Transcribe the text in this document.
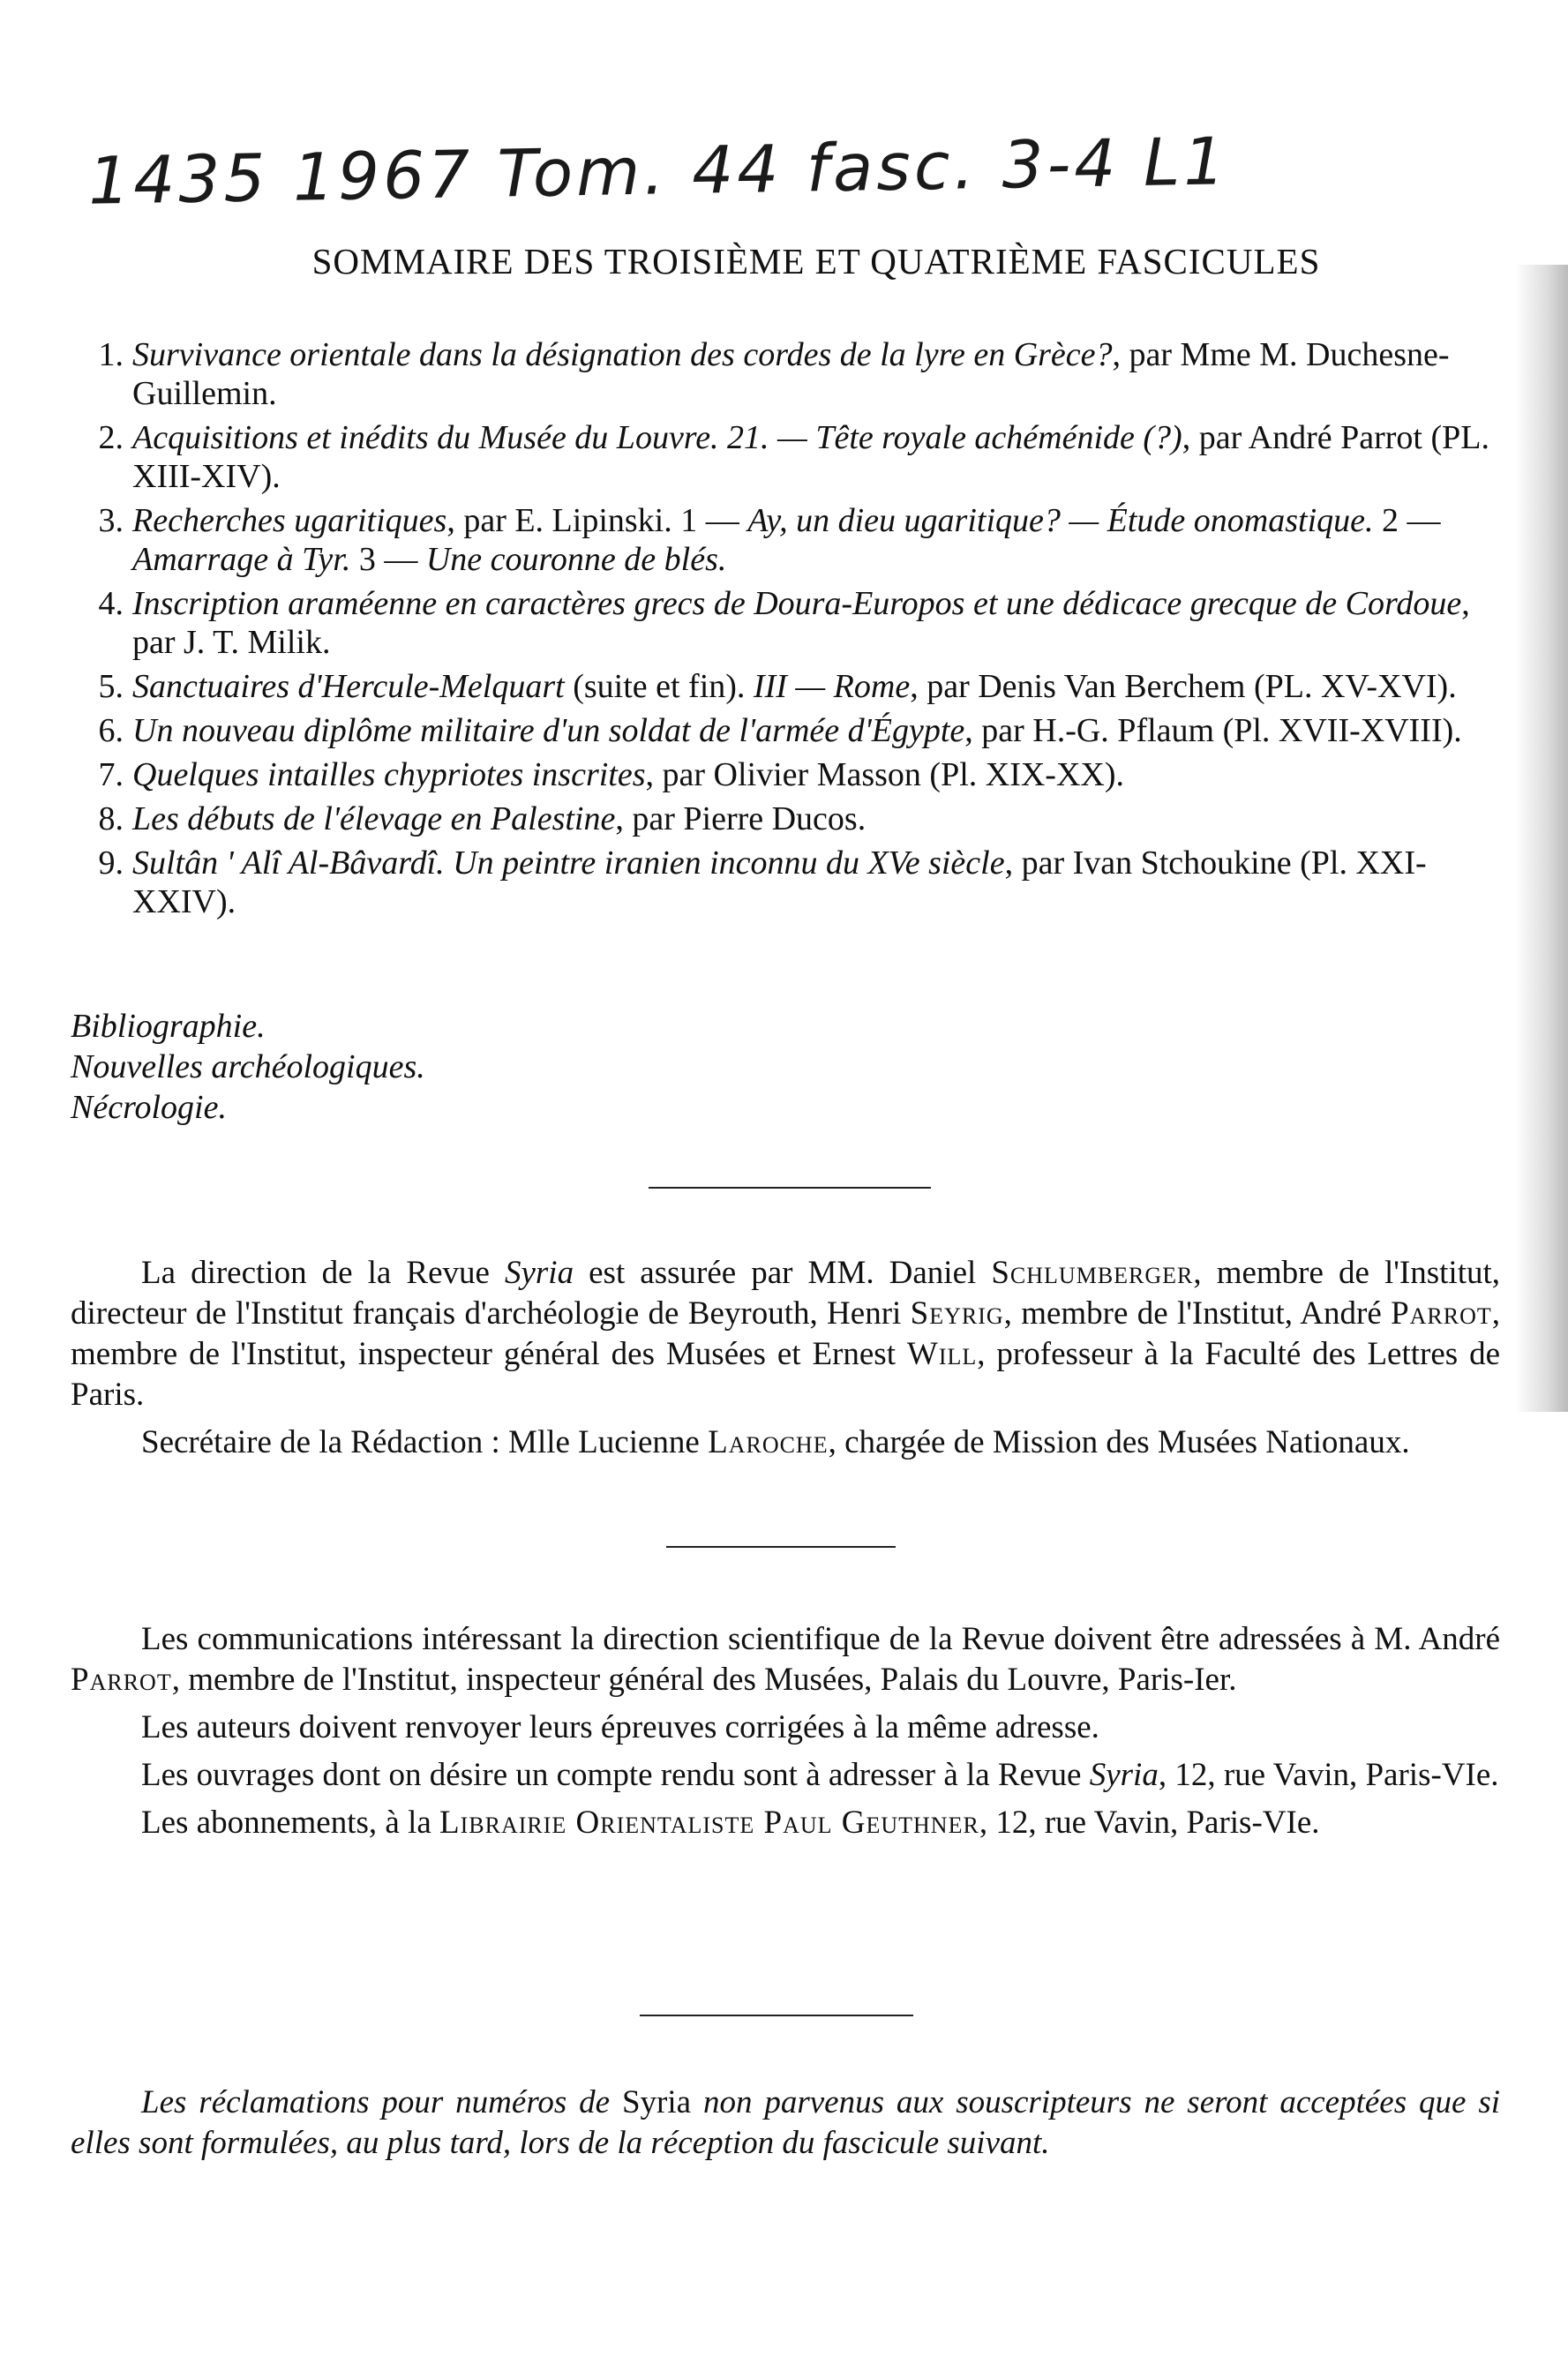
1435 1967 Tom. 44 fasc. 3-4 L1
SOMMAIRE DES TROISIÈME ET QUATRIÈME FASCICULES
1. Survivance orientale dans la désignation des cordes de la lyre en Grèce?, par Mme M. Duchesne-Guillemin.
2. Acquisitions et inédits du Musée du Louvre. 21. — Tête royale achéménide (?), par André Parrot (PL. XIII-XIV).
3. Recherches ugaritiques, par E. Lipinski. 1 — Ay, un dieu ugaritique? — Étude onomastique. 2 — Amarrage à Tyr. 3 — Une couronne de blés.
4. Inscription araméenne en caractères grecs de Doura-Europos et une dédicace grecque de Cordoue, par J. T. Milik.
5. Sanctuaires d'Hercule-Melquart (suite et fin). III — Rome, par Denis Van Berchem (PL. XV-XVI).
6. Un nouveau diplôme militaire d'un soldat de l'armée d'Égypte, par H.-G. Pflaum (Pl. XVII-XVIII).
7. Quelques intailles chypriotes inscrites, par Olivier Masson (Pl. XIX-XX).
8. Les débuts de l'élevage en Palestine, par Pierre Ducos.
9. Sultân ' Alî Al-Bâvardî. Un peintre iranien inconnu du XVe siècle, par Ivan Stchoukine (Pl. XXI-XXIV).
Bibliographie.
Nouvelles archéologiques.
Nécrologie.

La direction de la Revue Syria est assurée par MM. Daniel Schlumberger, membre de l'Institut, directeur de l'Institut français d'archéologie de Beyrouth, Henri Seyrig, membre de l'Institut, André Parrot, membre de l'Institut, inspecteur général des Musées et Ernest Will, professeur à la Faculté des Lettres de Paris.

Secrétaire de la Rédaction : Mlle Lucienne Laroche, chargée de Mission des Musées Nationaux.

Les communications intéressant la direction scientifique de la Revue doivent être adressées à M. André Parrot, membre de l'Institut, inspecteur général des Musées, Palais du Louvre, Paris-Ier.

Les auteurs doivent renvoyer leurs épreuves corrigées à la même adresse.

Les ouvrages dont on désire un compte rendu sont à adresser à la Revue Syria, 12, rue Vavin, Paris-VIe.

Les abonnements, à la Librairie Orientaliste Paul Geuthner, 12, rue Vavin, Paris-VIe.

Les réclamations pour numéros de Syria non parvenus aux souscripteurs ne seront acceptées que si elles sont formulées, au plus tard, lors de la réception du fascicule suivant.
